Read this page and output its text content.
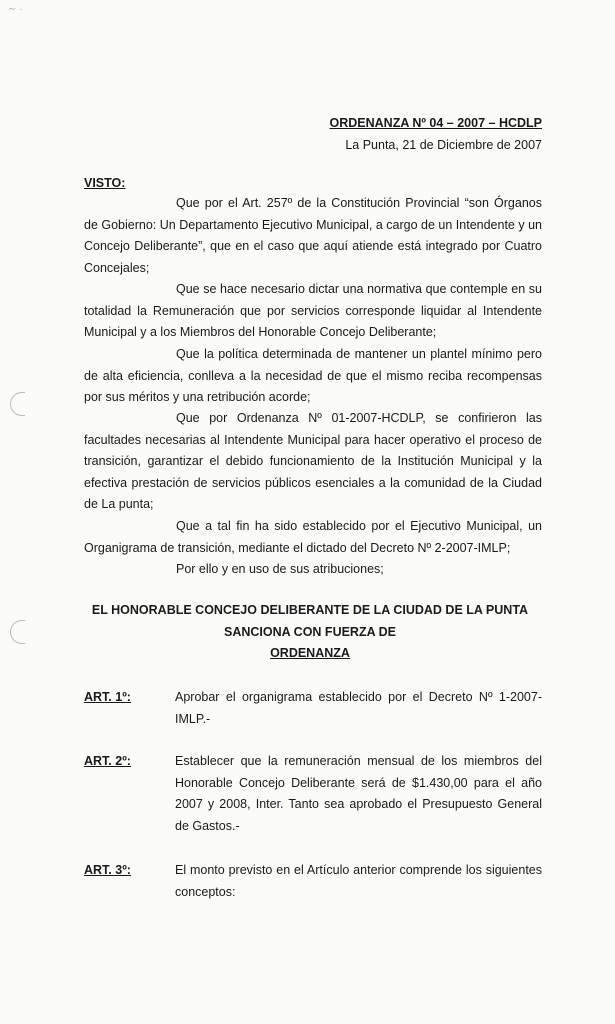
∼ ·
ORDENANZA Nº 04 – 2007 – HCDLP
La Punta, 21 de Diciembre de 2007
VISTO:

Que por el Art. 257º de la Constitución Provincial “son Órganos de Gobierno: Un Departamento Ejecutivo Municipal, a cargo de un Intendente y un Concejo Deliberante”, que en el caso que aquí atiende está integrado por Cuatro Concejales;

Que se hace necesario dictar una normativa que contemple en su totalidad la Remuneración que por servicios corresponde liquidar al Intendente Municipal y a los Miembros del Honorable Concejo Deliberante;

Que la política determinada de mantener un plantel mínimo pero de alta eficiencia, conlleva a la necesidad de que el mismo reciba recompensas por sus méritos y una retribución acorde;

Que por Ordenanza Nº 01-2007-HCDLP, se confirieron las facultades necesarias al Intendente Municipal para hacer operativo el proceso de transición, garantizar el debido funcionamiento de la Institución Municipal y la efectiva prestación de servicios públicos esenciales a la comunidad de la Ciudad de La punta;

Que a tal fin ha sido establecido por el Ejecutivo Municipal, un Organigrama de transición, mediante el dictado del Decreto Nº 2-2007-IMLP;

Por ello y en uso de sus atribuciones;

EL HONORABLE CONCEJO DELIBERANTE DE LA CIUDAD DE LA PUNTA
SANCIONA CON FUERZA DE
ORDENANZA
ART. 1º:	Aprobar el organigrama establecido por el Decreto Nº 1-2007-IMLP.-

ART. 2º:	Establecer que la remuneración mensual de los miembros del Honorable Concejo Deliberante será de $1.430,00 para el año 2007 y 2008, Inter. Tanto sea aprobado el Presupuesto General de Gastos.-

ART. 3º:	El monto previsto en el Artículo anterior comprende los siguientes conceptos:
